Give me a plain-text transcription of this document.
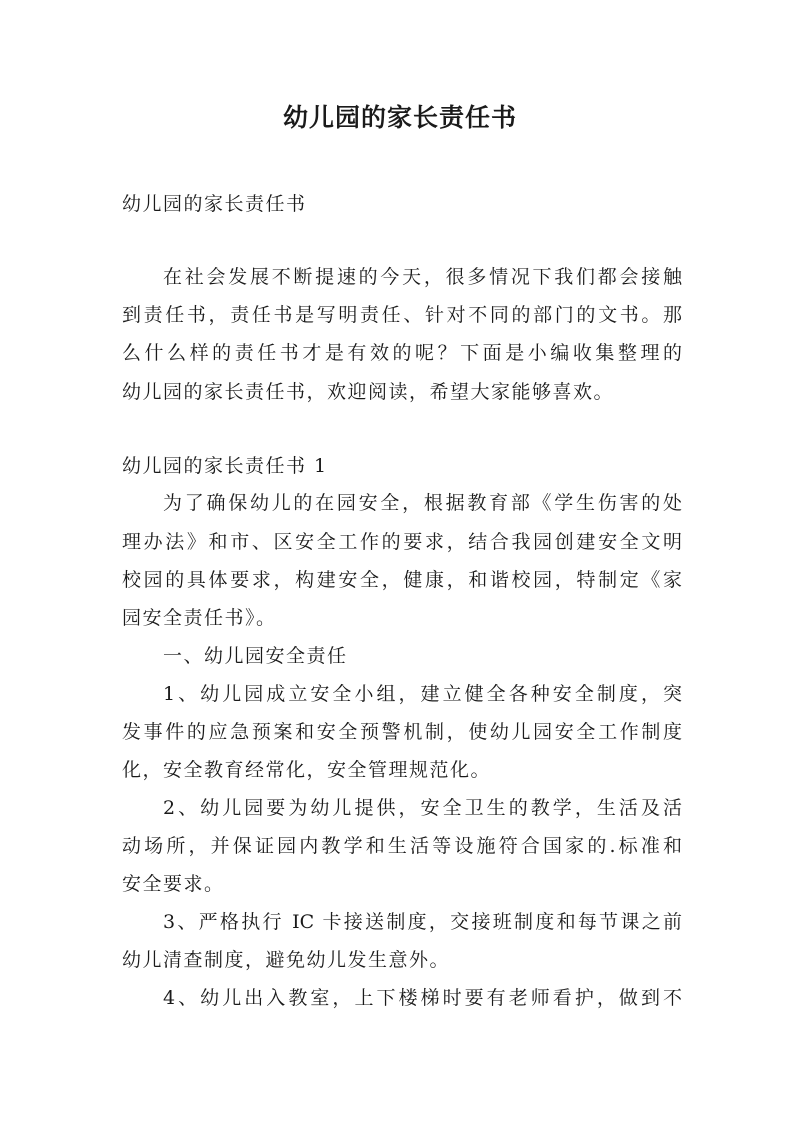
幼儿园的家长责任书
幼儿园的家长责任书
在社会发展不断提速的今天，很多情况下我们都会接触
到责任书，责任书是写明责任、针对不同的部门的文书。那
么什么样的责任书才是有效的呢？下面是小编收集整理的
幼儿园的家长责任书，欢迎阅读，希望大家能够喜欢。
幼儿园的家长责任书 1
为了确保幼儿的在园安全，根据教育部《学生伤害的处
理办法》和市、区安全工作的要求，结合我园创建安全文明
校园的具体要求，构建安全，健康，和谐校园，特制定《家
园安全责任书》。
一、幼儿园安全责任
1、幼儿园成立安全小组，建立健全各种安全制度，突
发事件的应急预案和安全预警机制，使幼儿园安全工作制度
化，安全教育经常化，安全管理规范化。
2、幼儿园要为幼儿提供，安全卫生的教学，生活及活
动场所，并保证园内教学和生活等设施符合国家的.标准和
安全要求。
3、严格执行 IC 卡接送制度，交接班制度和每节课之前
幼儿清查制度，避免幼儿发生意外。
4、幼儿出入教室，上下楼梯时要有老师看护，做到不
